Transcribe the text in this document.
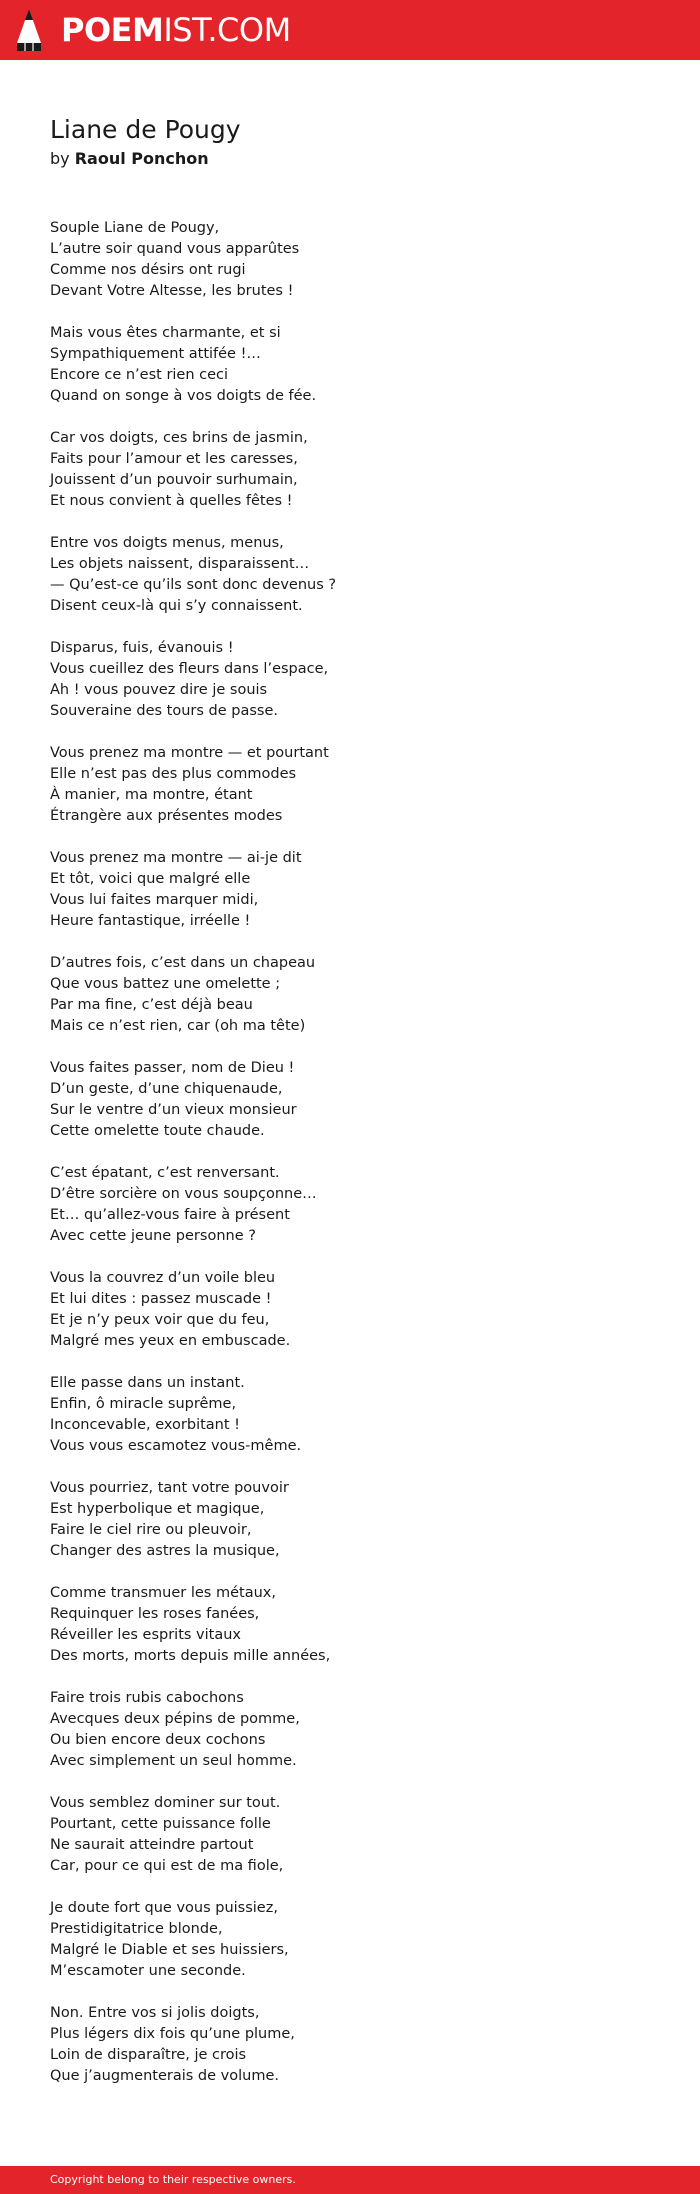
POEMIST.COM
Liane de Pougy
by Raoul Ponchon

Souple Liane de Pougy,
L’autre soir quand vous apparûtes
Comme nos désirs ont rugi
Devant Votre Altesse, les brutes !

Mais vous êtes charmante, et si
Sympathiquement attifée !…
Encore ce n’est rien ceci
Quand on songe à vos doigts de fée.

Car vos doigts, ces brins de jasmin,
Faits pour l’amour et les caresses,
Jouissent d’un pouvoir surhumain,
Et nous convient à quelles fêtes !

Entre vos doigts menus, menus,
Les objets naissent, disparaissent…
— Qu’est-ce qu’ils sont donc devenus ?
Disent ceux-là qui s’y connaissent.

Disparus, fuis, évanouis !
Vous cueillez des fleurs dans l’espace,
Ah ! vous pouvez dire je souis
Souveraine des tours de passe.

Vous prenez ma montre — et pourtant
Elle n’est pas des plus commodes
À manier, ma montre, étant
Étrangère aux présentes modes

Vous prenez ma montre — ai-je dit
Et tôt, voici que malgré elle
Vous lui faites marquer midi,
Heure fantastique, irréelle !

D’autres fois, c’est dans un chapeau
Que vous battez une omelette ;
Par ma fine, c’est déjà beau
Mais ce n’est rien, car (oh ma tête)

Vous faites passer, nom de Dieu !
D’un geste, d’une chiquenaude,
Sur le ventre d’un vieux monsieur
Cette omelette toute chaude.

C’est épatant, c’est renversant.
D’être sorcière on vous soupçonne…
Et… qu’allez-vous faire à présent
Avec cette jeune personne ?

Vous la couvrez d’un voile bleu
Et lui dites : passez muscade !
Et je n’y peux voir que du feu,
Malgré mes yeux en embuscade.

Elle passe dans un instant.
Enfin, ô miracle suprême,
Inconcevable, exorbitant !
Vous vous escamotez vous-même.

Vous pourriez, tant votre pouvoir
Est hyperbolique et magique,
Faire le ciel rire ou pleuvoir,
Changer des astres la musique,

Comme transmuer les métaux,
Requinquer les roses fanées,
Réveiller les esprits vitaux
Des morts, morts depuis mille années,

Faire trois rubis cabochons
Avecques deux pépins de pomme,
Ou bien encore deux cochons
Avec simplement un seul homme.

Vous semblez dominer sur tout.
Pourtant, cette puissance folle
Ne saurait atteindre partout
Car, pour ce qui est de ma fiole,

Je doute fort que vous puissiez,
Prestidigitatrice blonde,
Malgré le Diable et ses huissiers,
M’escamoter une seconde.

Non. Entre vos si jolis doigts,
Plus légers dix fois qu’une plume,
Loin de disparaître, je crois
Que j’augmenterais de volume.

Copyright belong to their respective owners.
